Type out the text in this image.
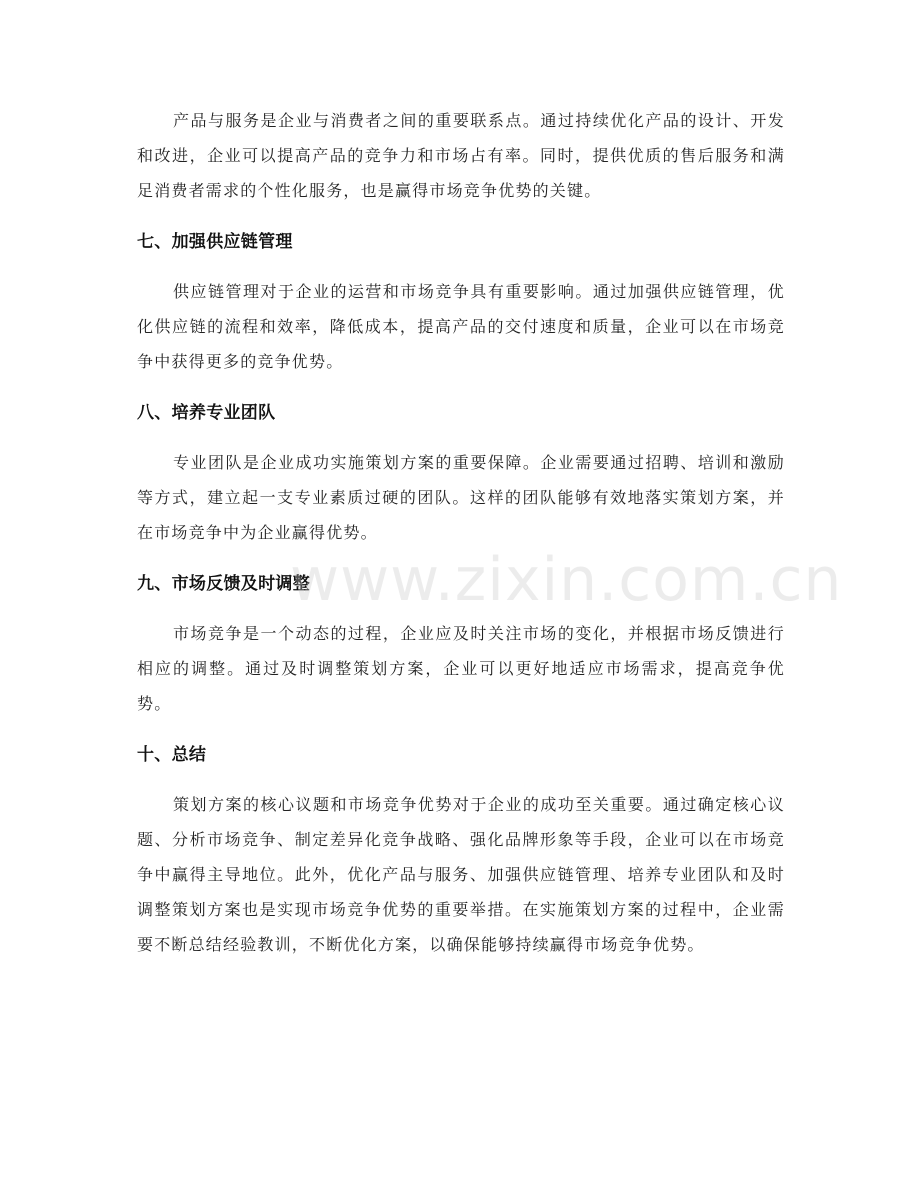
产品与服务是企业与消费者之间的重要联系点。通过持续优化产品的设计、开发和改进，企业可以提高产品的竞争力和市场占有率。同时，提供优质的售后服务和满足消费者需求的个性化服务，也是赢得市场竞争优势的关键。

七、加强供应链管理

供应链管理对于企业的运营和市场竞争具有重要影响。通过加强供应链管理，优化供应链的流程和效率，降低成本，提高产品的交付速度和质量，企业可以在市场竞争中获得更多的竞争优势。

八、培养专业团队

专业团队是企业成功实施策划方案的重要保障。企业需要通过招聘、培训和激励等方式，建立起一支专业素质过硬的团队。这样的团队能够有效地落实策划方案，并在市场竞争中为企业赢得优势。

九、市场反馈及时调整

市场竞争是一个动态的过程，企业应及时关注市场的变化，并根据市场反馈进行相应的调整。通过及时调整策划方案，企业可以更好地适应市场需求，提高竞争优势。

十、总结

策划方案的核心议题和市场竞争优势对于企业的成功至关重要。通过确定核心议题、分析市场竞争、制定差异化竞争战略、强化品牌形象等手段，企业可以在市场竞争中赢得主导地位。此外，优化产品与服务、加强供应链管理、培养专业团队和及时调整策划方案也是实现市场竞争优势的重要举措。在实施策划方案的过程中，企业需要不断总结经验教训，不断优化方案，以确保能够持续赢得市场竞争优势。

www.zixin.com.cn
